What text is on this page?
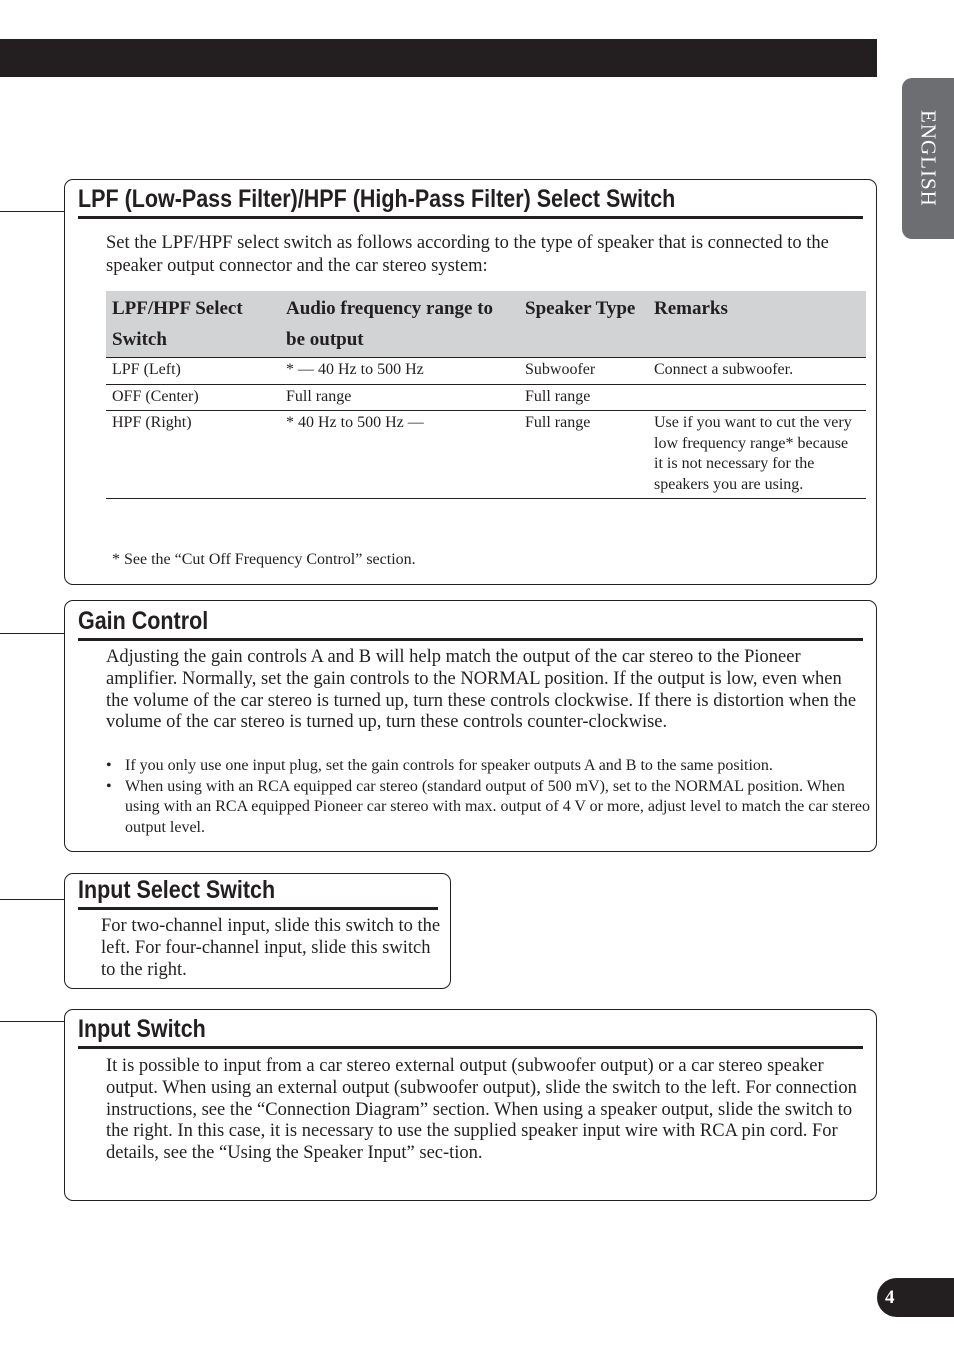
ENGLISH
LPF (Low-Pass Filter)/HPF (High-Pass Filter) Select Switch

Set the LPF/HPF select switch as follows according to the type of speaker that is connected to the speaker output connector and the car stereo system:

LPF/HPF Select Switch	Audio frequency range to be output	Speaker Type	Remarks
LPF (Left)	* — 40 Hz to 500 Hz	Subwoofer	Connect a subwoofer.
OFF (Center)	Full range	Full range	
HPF (Right)	* 40 Hz to 500 Hz —	Full range	Use if you want to cut the very low frequency range* because it is not necessary for the speakers you are using.

* See the “Cut Off Frequency Control” section.

Gain Control

Adjusting the gain controls A and B will help match the output of the car stereo to the Pioneer amplifier. Normally, set the gain controls to the NORMAL position. If the output is low, even when the volume of the car stereo is turned up, turn these controls clockwise. If there is distortion when the volume of the car stereo is turned up, turn these controls counter-clockwise.

• If you only use one input plug, set the gain controls for speaker outputs A and B to the same position.
• When using with an RCA equipped car stereo (standard output of 500 mV), set to the NORMAL position. When using with an RCA equipped Pioneer car stereo with max. output of 4 V or more, adjust level to match the car stereo output level.
Input Select Switch

For two-channel input, slide this switch to the left. For four-channel input, slide this switch to the right.

Input Switch

It is possible to input from a car stereo external output (subwoofer output) or a car stereo speaker output. When using an external output (subwoofer output), slide the switch to the left. For connection instructions, see the “Connection Diagram” section. When using a speaker output, slide the switch to the right. In this case, it is necessary to use the supplied speaker input wire with RCA pin cord. For details, see the “Using the Speaker Input” sec-tion.

4
